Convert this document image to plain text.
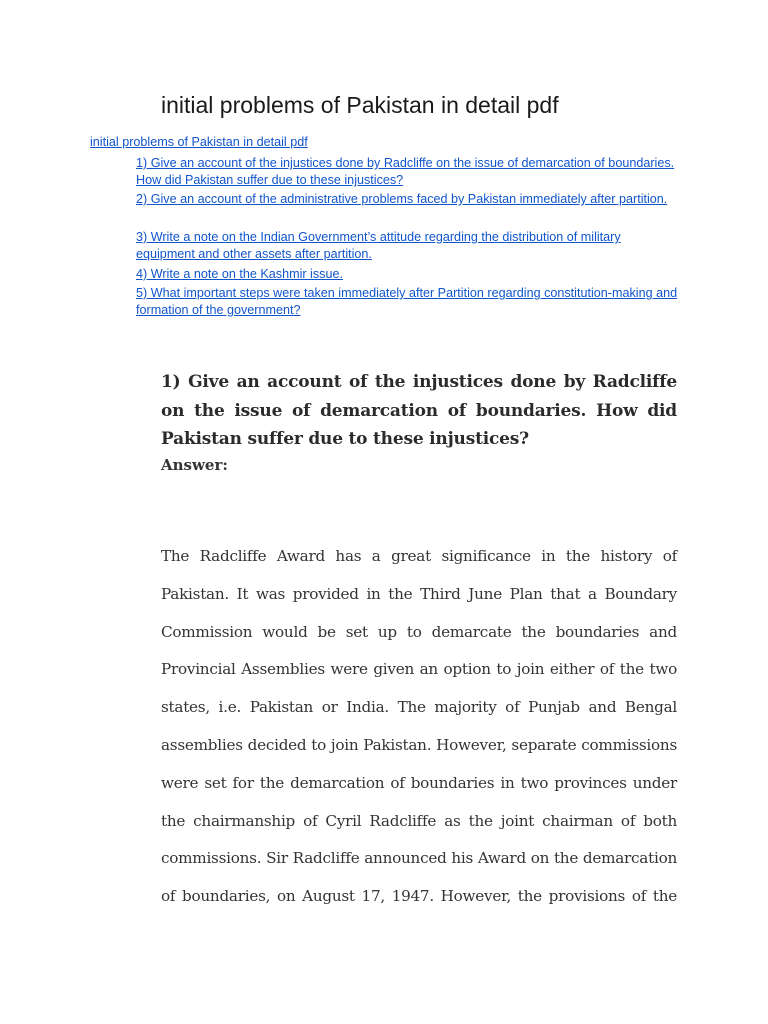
initial problems of Pakistan in detail pdf
initial problems of Pakistan in detail pdf
1) Give an account of the injustices done by Radcliffe on the issue of demarcation of boundaries. How did Pakistan suffer due to these injustices?
2) Give an account of the administrative problems faced by Pakistan immediately after partition.
3) Write a note on the Indian Government’s attitude regarding the distribution of military equipment and other assets after partition.
4) Write a note on the Kashmir issue.
5) What important steps were taken immediately after Partition regarding constitution-making and formation of the government?
1) Give an account of the injustices done by Radcliffe on the issue of demarcation of boundaries. How did Pakistan suffer due to these injustices?
Answer:

The Radcliffe Award has a great significance in the history of Pakistan. It was provided in the Third June Plan that a Boundary Commission would be set up to demarcate the boundaries and Provincial Assemblies were given an option to join either of the two states, i.e. Pakistan or India. The majority of Punjab and Bengal assemblies decided to join Pakistan. However, separate commissions were set for the demarcation of boundaries in two provinces under the chairmanship of Cyril Radcliffe as the joint chairman of both commissions. Sir Radcliffe announced his Award on the demarcation of boundaries, on August 17, 1947. However, the provisions of the
